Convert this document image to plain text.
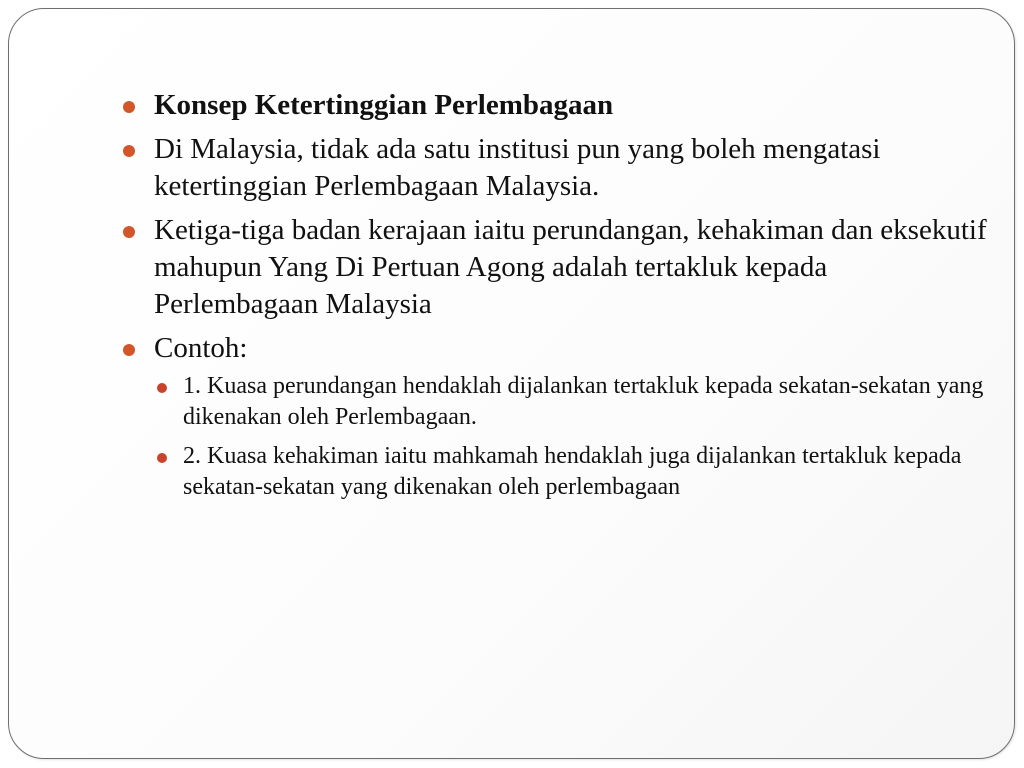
Konsep Ketertinggian Perlembagaan
Di Malaysia, tidak ada satu institusi pun yang boleh mengatasi ketertinggian Perlembagaan Malaysia.
Ketiga-tiga badan kerajaan iaitu perundangan, kehakiman dan eksekutif mahupun Yang Di Pertuan Agong adalah tertakluk kepada Perlembagaan Malaysia
Contoh:
1. Kuasa perundangan hendaklah dijalankan tertakluk kepada sekatan-sekatan yang dikenakan oleh Perlembagaan.
2. Kuasa kehakiman iaitu mahkamah hendaklah juga dijalankan tertakluk kepada sekatan-sekatan yang dikenakan oleh perlembagaan
